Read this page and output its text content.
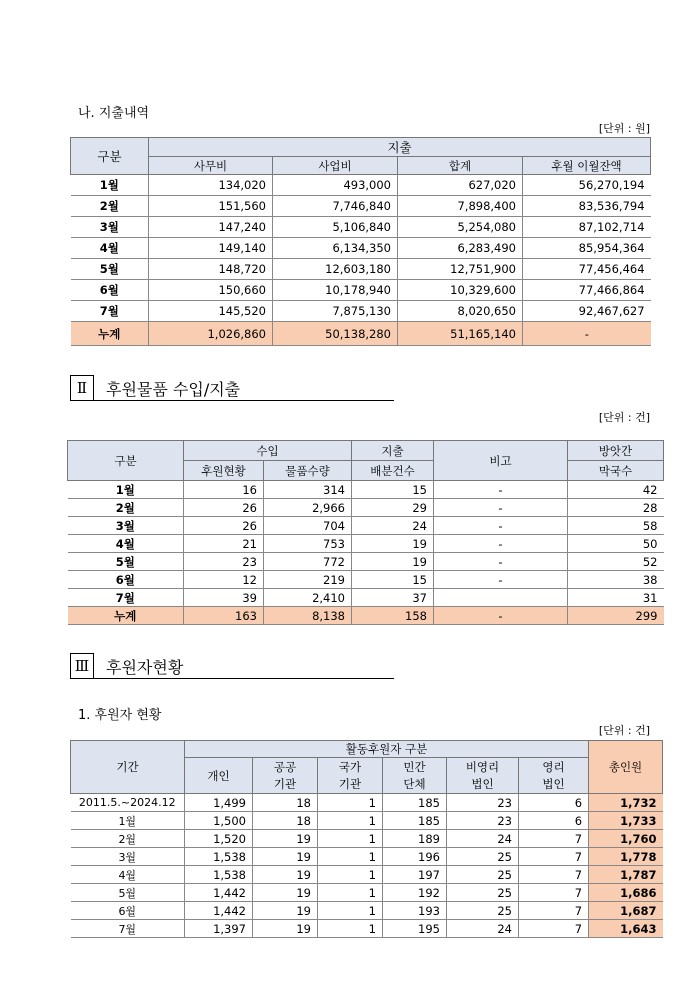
나. 지출내역
[단위 : 원]
구분	지출			
	사무비	사업비	합계	후월 이월잔액
1월	134,020	493,000	627,020	56,270,194
2월	151,560	7,746,840	7,898,400	83,536,794
3월	147,240	5,106,840	5,254,080	87,102,714
4월	149,140	6,134,350	6,283,490	85,954,364
5월	148,720	12,603,180	12,751,900	77,456,464
6월	150,660	10,178,940	10,329,600	77,466,864
7월	145,520	7,875,130	8,020,650	92,467,627
누계	1,026,860	50,138,280	51,165,140	-
Ⅱ	후원물품 수입/지출
[단위 : 건]
구분	수입		지출	비고	방앗간
	후원현황	물품수량	배분건수		막국수
1월	16	314	15	-	42
2월	26	2,966	29	-	28
3월	26	704	24	-	58
4월	21	753	19	-	50
5월	23	772	19	-	52
6월	12	219	15	-	38
7월	39	2,410	37		31
누계	163	8,138	158	-	299
Ⅲ 후원자현황
1. 후원자 현황
[단위 : 건]
기간	활동후원자 구분						총인원
	개인	공공	국가	민간	비영리	영리	
		기관	기관	단체	법인	법인	
2011.5.~2024.12	1,499	18	1	185	23	6	1,732
1월	1,500	18	1	185	23	6	1,733
2월	1,520	19	1	189	24	7	1,760
3월	1,538	19	1	196	25	7	1,778
4월	1,538	19	1	197	25	7	1,787
5월	1,442	19	1	192	25	7	1,686
6월	1,442	19	1	193	25	7	1,687
7월	1,397	19	1	195	24	7	1,643
